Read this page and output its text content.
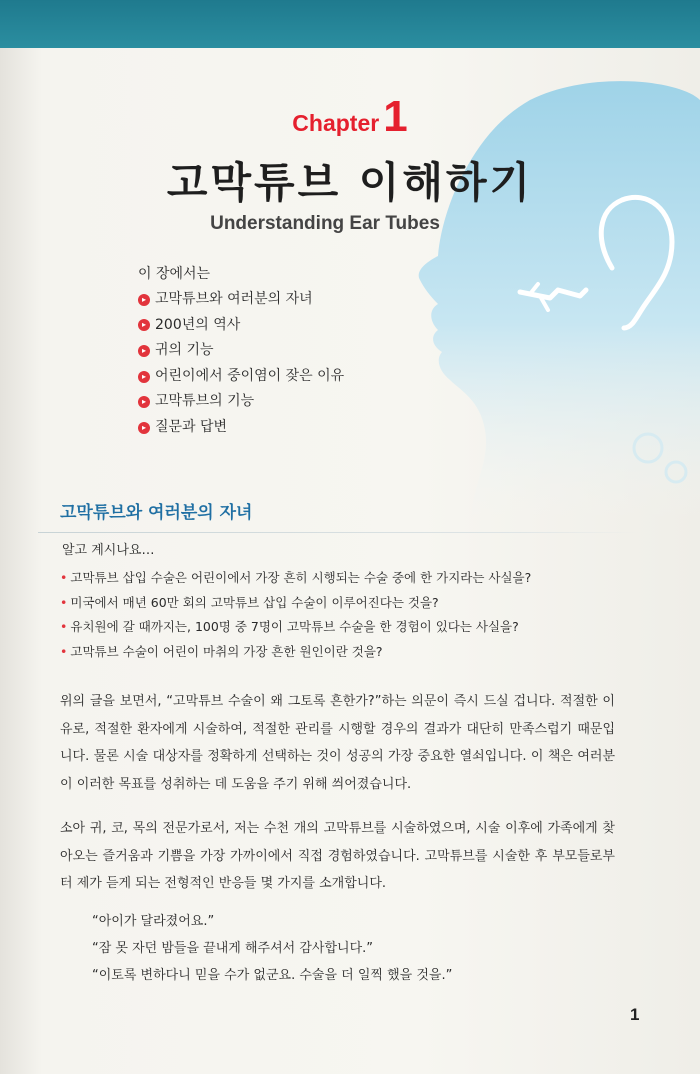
Chapter1
고막튜브 이해하기
Understanding Ear Tubes
이 장에서는
▸ 고막튜브와 여러분의 자녀
▸ 200년의 역사
▸ 귀의 기능
▸ 어린이에서 중이염이 잦은 이유
▸ 고막튜브의 기능
▸ 질문과 답변
고막튜브와 여러분의 자녀
알고 계시나요…
• 고막튜브 삽입 수술은 어린이에서 가장 흔히 시행되는 수술 중에 한 가지라는 사실을?
• 미국에서 매년 60만 회의 고막튜브 삽입 수술이 이루어진다는 것을?
• 유치원에 갈 때까지는, 100명 중 7명이 고막튜브 수술을 한 경험이 있다는 사실을?
• 고막튜브 수술이 어린이 마취의 가장 흔한 원인이란 것을?

위의 글을 보면서, “고막튜브 수술이 왜 그토록 흔한가?”하는 의문이 즉시 드실 겁니다. 적절한 이유로, 적절한 환자에게 시술하여, 적절한 관리를 시행할 경우의 결과가 대단히 만족스럽기 때문입니다. 물론 시술 대상자를 정확하게 선택하는 것이 성공의 가장 중요한 열쇠입니다. 이 책은 여러분이 이러한 목표를 성취하는 데 도움을 주기 위해 씌어졌습니다.

소아 귀, 코, 목의 전문가로서, 저는 수천 개의 고막튜브를 시술하였으며, 시술 이후에 가족에게 찾아오는 즐거움과 기쁨을 가장 가까이에서 직접 경험하였습니다. 고막튜브를 시술한 후 부모들로부터 제가 듣게 되는 전형적인 반응들 몇 가지를 소개합니다.

“아이가 달라졌어요.”
“잠 못 자던 밤들을 끝내게 해주셔서 감사합니다.”
“이토록 변하다니 믿을 수가 없군요. 수술을 더 일찍 했을 것을.”
1
